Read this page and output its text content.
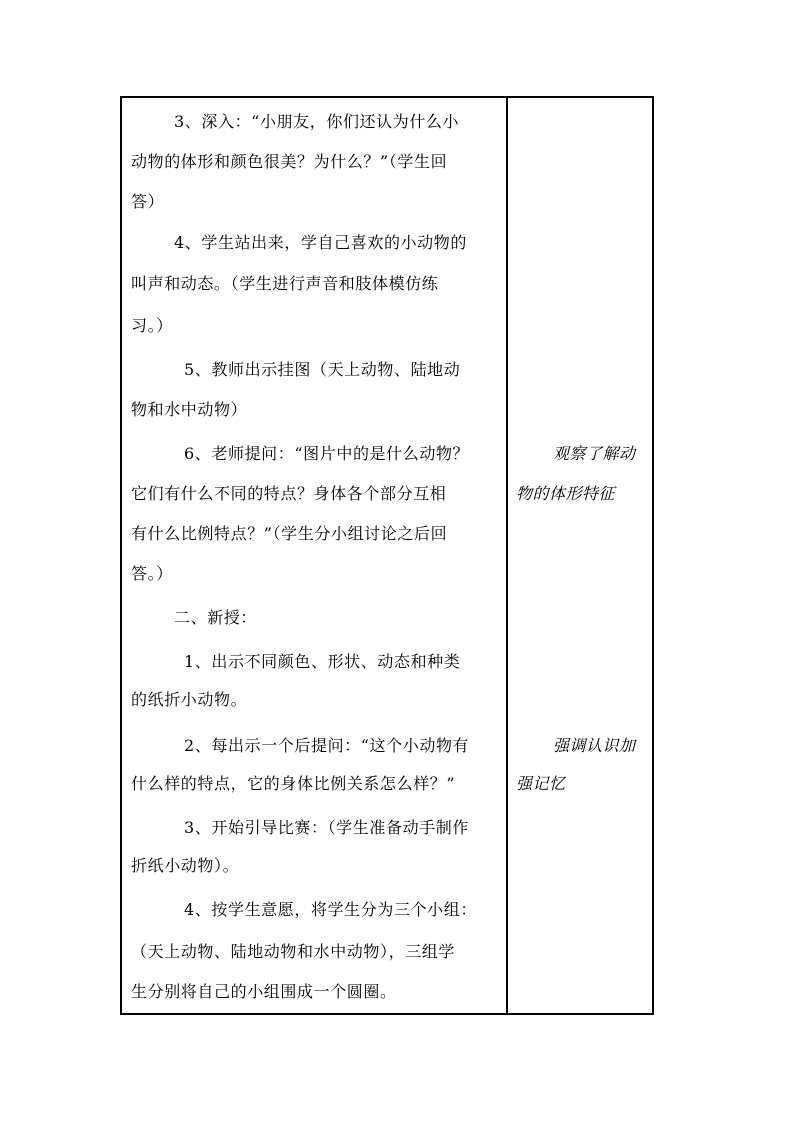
3、深入：“小朋友，你们还认为什么小
动物的体形和颜色很美？为什么？”（学生回
答）
4、学生站出来，学自己喜欢的小动物的
叫声和动态。（学生进行声音和肢体模仿练
习。）
5、教师出示挂图（天上动物、陆地动
物和水中动物）
6、老师提问：“图片中的是什么动物？
它们有什么不同的特点？身体各个部分互相
有什么比例特点？”（学生分小组讨论之后回
答。）
二、新授：
1、出示不同颜色、形状、动态和种类
的纸折小动物。
2、每出示一个后提问：“这个小动物有
什么样的特点，它的身体比例关系怎么样？”
3、开始引导比赛：（学生准备动手制作
折纸小动物）。
4、按学生意愿，将学生分为三个小组：
（天上动物、陆地动物和水中动物），三组学
生分别将自己的小组围成一个圆圈。
观察了解动
物的体形特征
强调认识加
强记忆
